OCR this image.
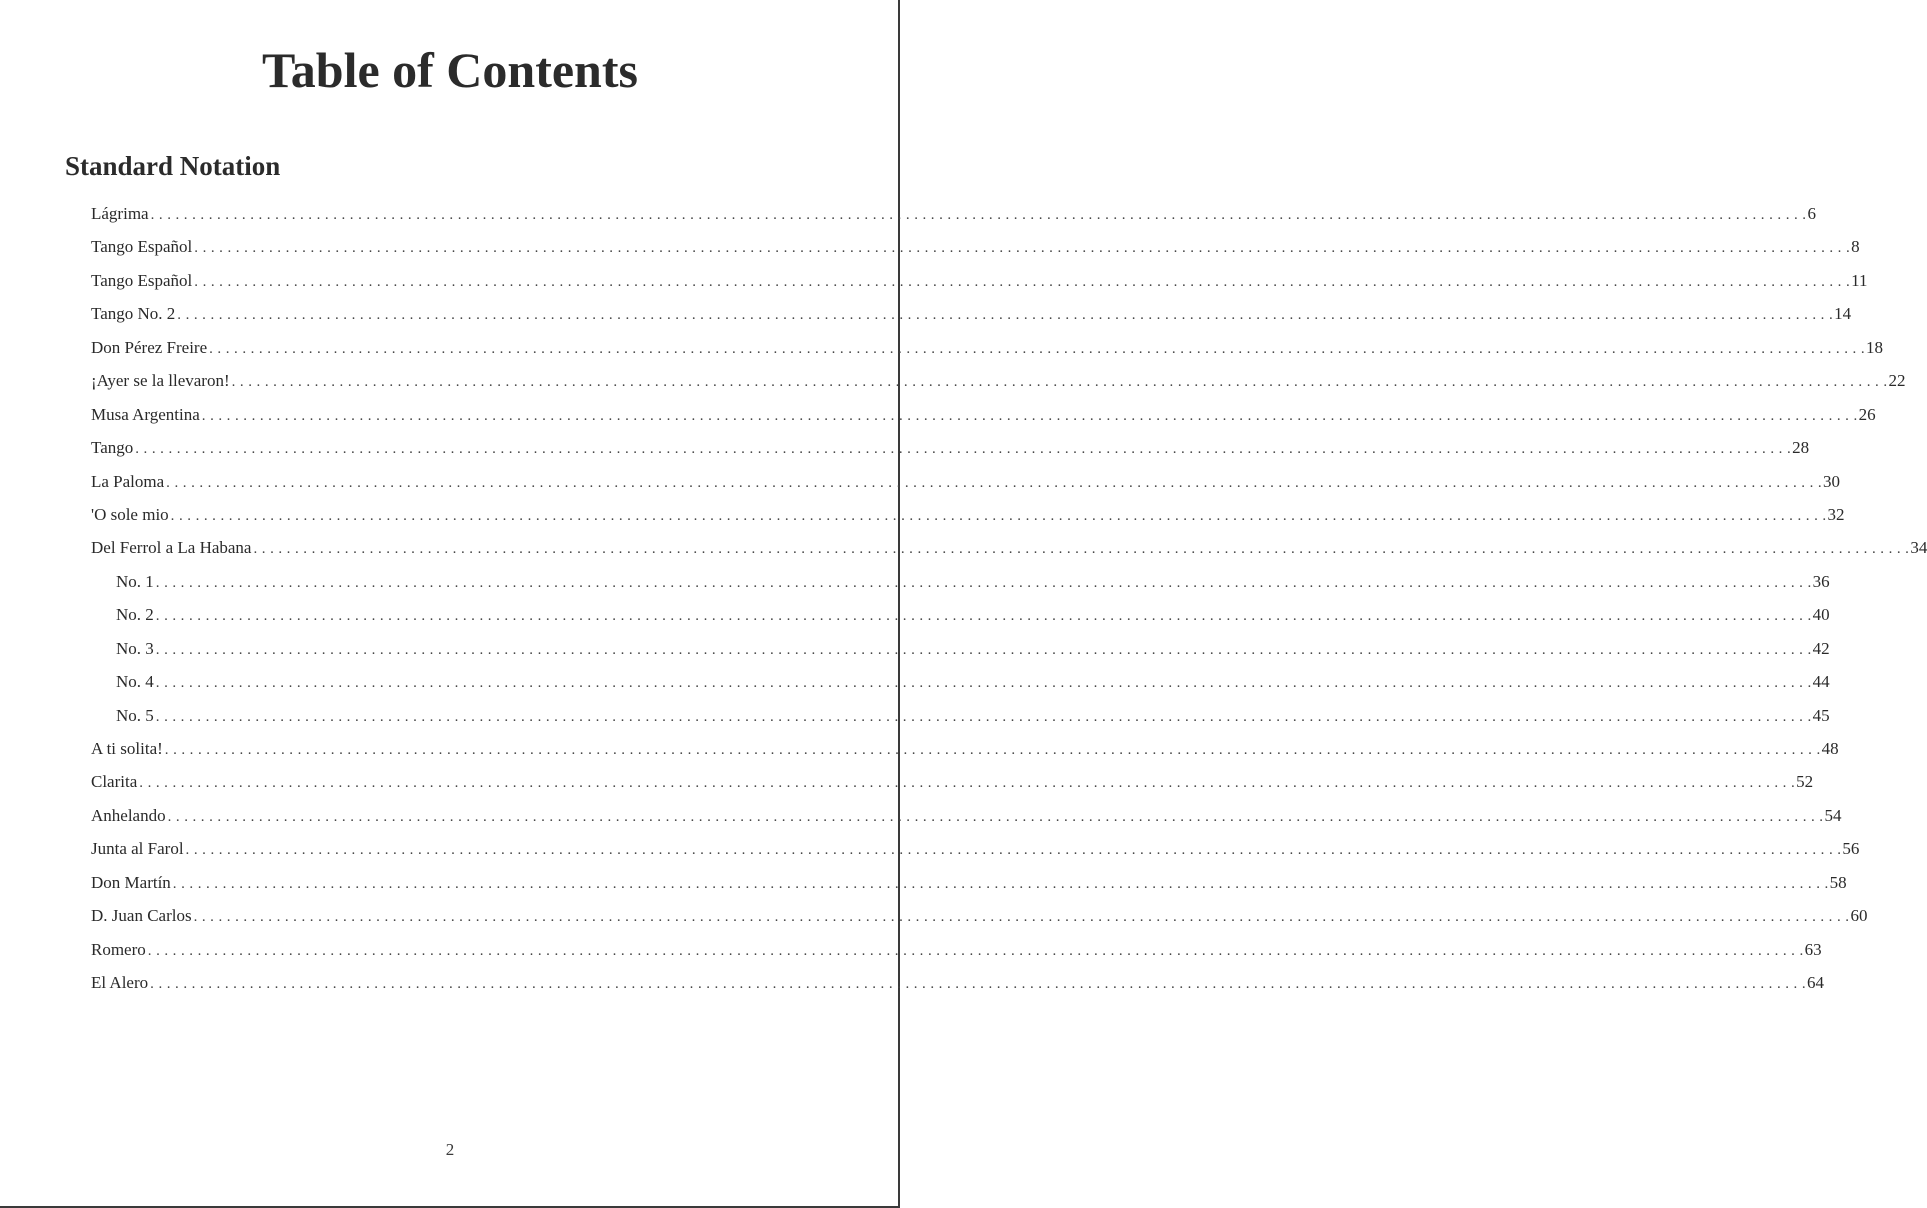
Table of Contents
Standard Notation
Lágrima . . . . . . . . . . . . . . . . . . . . . . . . . . . . . . . . . . . . . . . . . . . . . . . . . . . . . . . . . . . . . . . . . . . . . . . . . . . . . . . . . . . . . . . . . . . . . . . . . . . . . . . . . . . . . . . . . . . . . . . . . . . . . . . . . . . . . . . . . . . . . . . . . . . . . . . . . . . . . . . . . . . . . . . . . . . . . . . . . . . . . . . . . . . . . . . . . . . . . . . . 6
Tango Español . . . . . . . . . . . . . . . . . . . . . . . . . . . . . . . . . . . . . . . . . . . . . . . . . . . . . . . . . . . . . . . . . . . . . . . . . . . . . . . . . . . . . . . . . . . . . . . . . . . . . . . . . . . . . . . . . . . . . . . . . . . . . . . . . . . . . . . . . . . . . . . . . . . . . . . . . . . . . . . . . . . . . . . . . . . . . . . . . . . . . . . . . . . . . . . . . . . . . . . . 8
Tango Español . . . . . . . . . . . . . . . . . . . . . . . . . . . . . . . . . . . . . . . . . . . . . . . . . . . . . . . . . . . . . . . . . . . . . . . . . . . . . . . . . . . . . . . . . . . . . . . . . . . . . . . . . . . . . . . . . . . . . . . . . . . . . . . . . . . . . . . . . . . . . . . . . . . . . . . . . . . . . . . . . . . . . . . . . . . . . . . . . . . . . . . . . . . . . . . . . . . . . . . . 11
Tango No. 2 . . . . . . . . . . . . . . . . . . . . . . . . . . . . . . . . . . . . . . . . . . . . . . . . . . . . . . . . . . . . . . . . . . . . . . . . . . . . . . . . . . . . . . . . . . . . . . . . . . . . . . . . . . . . . . . . . . . . . . . . . . . . . . . . . . . . . . . . . . . . . . . . . . . . . . . . . . . . . . . . . . . . . . . . . . . . . . . . . . . . . . . . . . . . . . . . . . . . . . . . 14
Don Pérez Freire . . . . . . . . . . . . . . . . . . . . . . . . . . . . . . . . . . . . . . . . . . . . . . . . . . . . . . . . . . . . . . . . . . . . . . . . . . . . . . . . . . . . . . . . . . . . . . . . . . . . . . . . . . . . . . . . . . . . . . . . . . . . . . . . . . . . . . . . . . . . . . . . . . . . . . . . . . . . . . . . . . . . . . . . . . . . . . . . . . . . . . . . . . . . . . . . . . . . . . . . 18
¡Ayer se la llevaron! . . . . . . . . . . . . . . . . . . . . . . . . . . . . . . . . . . . . . . . . . . . . . . . . . . . . . . . . . . . . . . . . . . . . . . . . . . . . . . . . . . . . . . . . . . . . . . . . . . . . . . . . . . . . . . . . . . . . . . . . . . . . . . . . . . . . . . . . . . . . . . . . . . . . . . . . . . . . . . . . . . . . . . . . . . . . . . . . . . . . . . . . . . . . . . . . . . . . . . . . 22
Musa Argentina . . . . . . . . . . . . . . . . . . . . . . . . . . . . . . . . . . . . . . . . . . . . . . . . . . . . . . . . . . . . . . . . . . . . . . . . . . . . . . . . . . . . . . . . . . . . . . . . . . . . . . . . . . . . . . . . . . . . . . . . . . . . . . . . . . . . . . . . . . . . . . . . . . . . . . . . . . . . . . . . . . . . . . . . . . . . . . . . . . . . . . . . . . . . . . . . . . . . . . . . 26
Tango . . . . . . . . . . . . . . . . . . . . . . . . . . . . . . . . . . . . . . . . . . . . . . . . . . . . . . . . . . . . . . . . . . . . . . . . . . . . . . . . . . . . . . . . . . . . . . . . . . . . . . . . . . . . . . . . . . . . . . . . . . . . . . . . . . . . . . . . . . . . . . . . . . . . . . . . . . . . . . . . . . . . . . . . . . . . . . . . . . . . . . . . . . . . . . . . . . . . . . . . 28
La Paloma . . . . . . . . . . . . . . . . . . . . . . . . . . . . . . . . . . . . . . . . . . . . . . . . . . . . . . . . . . . . . . . . . . . . . . . . . . . . . . . . . . . . . . . . . . . . . . . . . . . . . . . . . . . . . . . . . . . . . . . . . . . . . . . . . . . . . . . . . . . . . . . . . . . . . . . . . . . . . . . . . . . . . . . . . . . . . . . . . . . . . . . . . . . . . . . . . . . . . . . . 30
'O sole mio . . . . . . . . . . . . . . . . . . . . . . . . . . . . . . . . . . . . . . . . . . . . . . . . . . . . . . . . . . . . . . . . . . . . . . . . . . . . . . . . . . . . . . . . . . . . . . . . . . . . . . . . . . . . . . . . . . . . . . . . . . . . . . . . . . . . . . . . . . . . . . . . . . . . . . . . . . . . . . . . . . . . . . . . . . . . . . . . . . . . . . . . . . . . . . . . . . . . . . . . 32
Del Ferrol a La Habana . . . . . . . . . . . . . . . . . . . . . . . . . . . . . . . . . . . . . . . . . . . . . . . . . . . . . . . . . . . . . . . . . . . . . . . . . . . . . . . . . . . . . . . . . . . . . . . . . . . . . . . . . . . . . . . . . . . . . . . . . . . . . . . . . . . . . . . . . . . . . . . . . . . . . . . . . . . . . . . . . . . . . . . . . . . . . . . . . . . . . . . . . . . . . . . . . . . . . . . . 34
No. 1 . . . . . . . . . . . . . . . . . . . . . . . . . . . . . . . . . . . . . . . . . . . . . . . . . . . . . . . . . . . . . . . . . . . . . . . . . . . . . . . . . . . . . . . . . . . . . . . . . . . . . . . . . . . . . . . . . . . . . . . . . . . . . . . . . . . . . . . . . . . . . . . . . . . . . . . . . . . . . . . . . . . . . . . . . . . . . . . . . . . . . . . . . . . . . . . . . . . . . . . . 36
No. 2 . . . . . . . . . . . . . . . . . . . . . . . . . . . . . . . . . . . . . . . . . . . . . . . . . . . . . . . . . . . . . . . . . . . . . . . . . . . . . . . . . . . . . . . . . . . . . . . . . . . . . . . . . . . . . . . . . . . . . . . . . . . . . . . . . . . . . . . . . . . . . . . . . . . . . . . . . . . . . . . . . . . . . . . . . . . . . . . . . . . . . . . . . . . . . . . . . . . . . . . . 40
No. 3 . . . . . . . . . . . . . . . . . . . . . . . . . . . . . . . . . . . . . . . . . . . . . . . . . . . . . . . . . . . . . . . . . . . . . . . . . . . . . . . . . . . . . . . . . . . . . . . . . . . . . . . . . . . . . . . . . . . . . . . . . . . . . . . . . . . . . . . . . . . . . . . . . . . . . . . . . . . . . . . . . . . . . . . . . . . . . . . . . . . . . . . . . . . . . . . . . . . . . . . . 42
No. 4 . . . . . . . . . . . . . . . . . . . . . . . . . . . . . . . . . . . . . . . . . . . . . . . . . . . . . . . . . . . . . . . . . . . . . . . . . . . . . . . . . . . . . . . . . . . . . . . . . . . . . . . . . . . . . . . . . . . . . . . . . . . . . . . . . . . . . . . . . . . . . . . . . . . . . . . . . . . . . . . . . . . . . . . . . . . . . . . . . . . . . . . . . . . . . . . . . . . . . . . . 44
No. 5 . . . . . . . . . . . . . . . . . . . . . . . . . . . . . . . . . . . . . . . . . . . . . . . . . . . . . . . . . . . . . . . . . . . . . . . . . . . . . . . . . . . . . . . . . . . . . . . . . . . . . . . . . . . . . . . . . . . . . . . . . . . . . . . . . . . . . . . . . . . . . . . . . . . . . . . . . . . . . . . . . . . . . . . . . . . . . . . . . . . . . . . . . . . . . . . . . . . . . . . . 45
A ti solita! . . . . . . . . . . . . . . . . . . . . . . . . . . . . . . . . . . . . . . . . . . . . . . . . . . . . . . . . . . . . . . . . . . . . . . . . . . . . . . . . . . . . . . . . . . . . . . . . . . . . . . . . . . . . . . . . . . . . . . . . . . . . . . . . . . . . . . . . . . . . . . . . . . . . . . . . . . . . . . . . . . . . . . . . . . . . . . . . . . . . . . . . . . . . . . . . . . . . . . . . 48
Clarita . . . . . . . . . . . . . . . . . . . . . . . . . . . . . . . . . . . . . . . . . . . . . . . . . . . . . . . . . . . . . . . . . . . . . . . . . . . . . . . . . . . . . . . . . . . . . . . . . . . . . . . . . . . . . . . . . . . . . . . . . . . . . . . . . . . . . . . . . . . . . . . . . . . . . . . . . . . . . . . . . . . . . . . . . . . . . . . . . . . . . . . . . . . . . . . . . . . . . . . . 52
Anhelando . . . . . . . . . . . . . . . . . . . . . . . . . . . . . . . . . . . . . . . . . . . . . . . . . . . . . . . . . . . . . . . . . . . . . . . . . . . . . . . . . . . . . . . . . . . . . . . . . . . . . . . . . . . . . . . . . . . . . . . . . . . . . . . . . . . . . . . . . . . . . . . . . . . . . . . . . . . . . . . . . . . . . . . . . . . . . . . . . . . . . . . . . . . . . . . . . . . . . . . . 54
Junta al Farol . . . . . . . . . . . . . . . . . . . . . . . . . . . . . . . . . . . . . . . . . . . . . . . . . . . . . . . . . . . . . . . . . . . . . . . . . . . . . . . . . . . . . . . . . . . . . . . . . . . . . . . . . . . . . . . . . . . . . . . . . . . . . . . . . . . . . . . . . . . . . . . . . . . . . . . . . . . . . . . . . . . . . . . . . . . . . . . . . . . . . . . . . . . . . . . . . . . . . . . . 56
Don Martín . . . . . . . . . . . . . . . . . . . . . . . . . . . . . . . . . . . . . . . . . . . . . . . . . . . . . . . . . . . . . . . . . . . . . . . . . . . . . . . . . . . . . . . . . . . . . . . . . . . . . . . . . . . . . . . . . . . . . . . . . . . . . . . . . . . . . . . . . . . . . . . . . . . . . . . . . . . . . . . . . . . . . . . . . . . . . . . . . . . . . . . . . . . . . . . . . . . . . . . . 58
D. Juan Carlos . . . . . . . . . . . . . . . . . . . . . . . . . . . . . . . . . . . . . . . . . . . . . . . . . . . . . . . . . . . . . . . . . . . . . . . . . . . . . . . . . . . . . . . . . . . . . . . . . . . . . . . . . . . . . . . . . . . . . . . . . . . . . . . . . . . . . . . . . . . . . . . . . . . . . . . . . . . . . . . . . . . . . . . . . . . . . . . . . . . . . . . . . . . . . . . . . . . . . . . . 60
Romero . . . . . . . . . . . . . . . . . . . . . . . . . . . . . . . . . . . . . . . . . . . . . . . . . . . . . . . . . . . . . . . . . . . . . . . . . . . . . . . . . . . . . . . . . . . . . . . . . . . . . . . . . . . . . . . . . . . . . . . . . . . . . . . . . . . . . . . . . . . . . . . . . . . . . . . . . . . . . . . . . . . . . . . . . . . . . . . . . . . . . . . . . . . . . . . . . . . . . . . . 63
El Alero . . . . . . . . . . . . . . . . . . . . . . . . . . . . . . . . . . . . . . . . . . . . . . . . . . . . . . . . . . . . . . . . . . . . . . . . . . . . . . . . . . . . . . . . . . . . . . . . . . . . . . . . . . . . . . . . . . . . . . . . . . . . . . . . . . . . . . . . . . . . . . . . . . . . . . . . . . . . . . . . . . . . . . . . . . . . . . . . . . . . . . . . . . . . . . . . . . . . . . . . 64
2
